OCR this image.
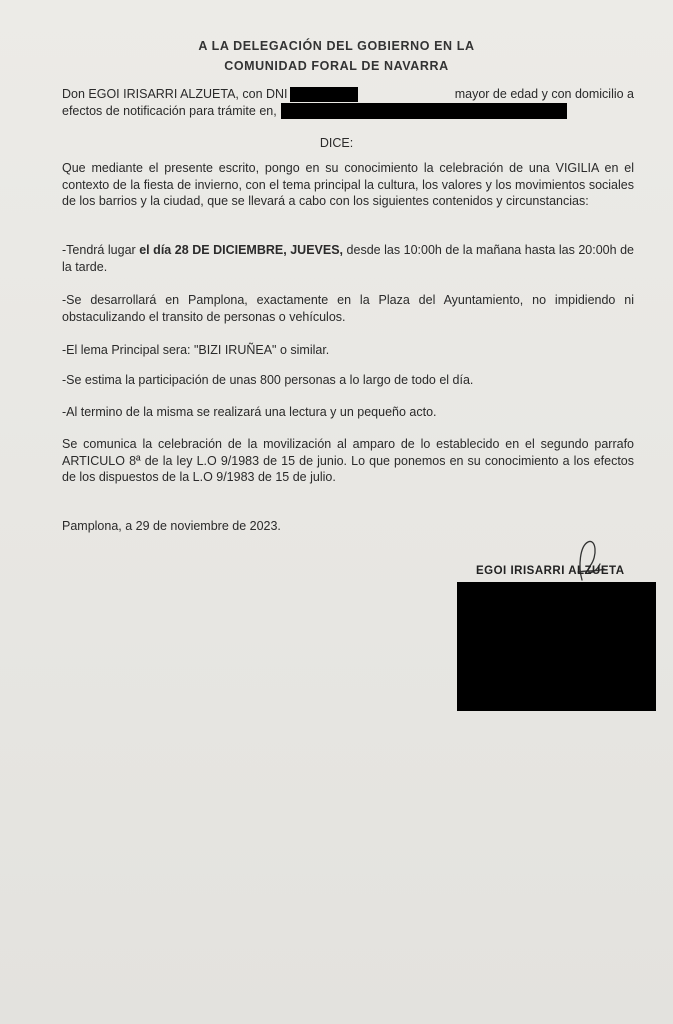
A LA DELEGACIÓN DEL GOBIERNO EN LA
COMUNIDAD FORAL DE NAVARRA
Don EGOI IRISARRI ALZUETA, con DNI	mayor de edad y con domicilio a
efectos de notificación para trámite en,
DICE:
Que mediante el presente escrito, pongo en su conocimiento la celebración de una VIGILIA en el contexto de la fiesta de invierno, con el tema principal la cultura, los valores y los movimientos sociales de los barrios y la ciudad, que se llevará a cabo con los siguientes contenidos y circunstancias:
-Tendrá lugar el día 28 DE DICIEMBRE, JUEVES, desde las 10:00h de la mañana hasta las 20:00h de la tarde.
-Se desarrollará en Pamplona, exactamente en la Plaza del Ayuntamiento, no impidiendo ni obstaculizando el transito de personas o vehículos.
-El lema Principal sera: "BIZI IRUÑEA" o similar.
-Se estima la participación de unas 800 personas a lo largo de todo el día.
-Al termino de la misma se realizará una lectura y un pequeño acto.
Se comunica la celebración de la movilización al amparo de lo establecido en el segundo parrafo ARTICULO 8ª de la ley L.O 9/1983 de 15 de junio. Lo que ponemos en su conocimiento a los efectos de los dispuestos de la L.O 9/1983 de 15 de julio.
Pamplona, a 29 de noviembre de 2023.
EGOI IRISARRI ALZUETA
